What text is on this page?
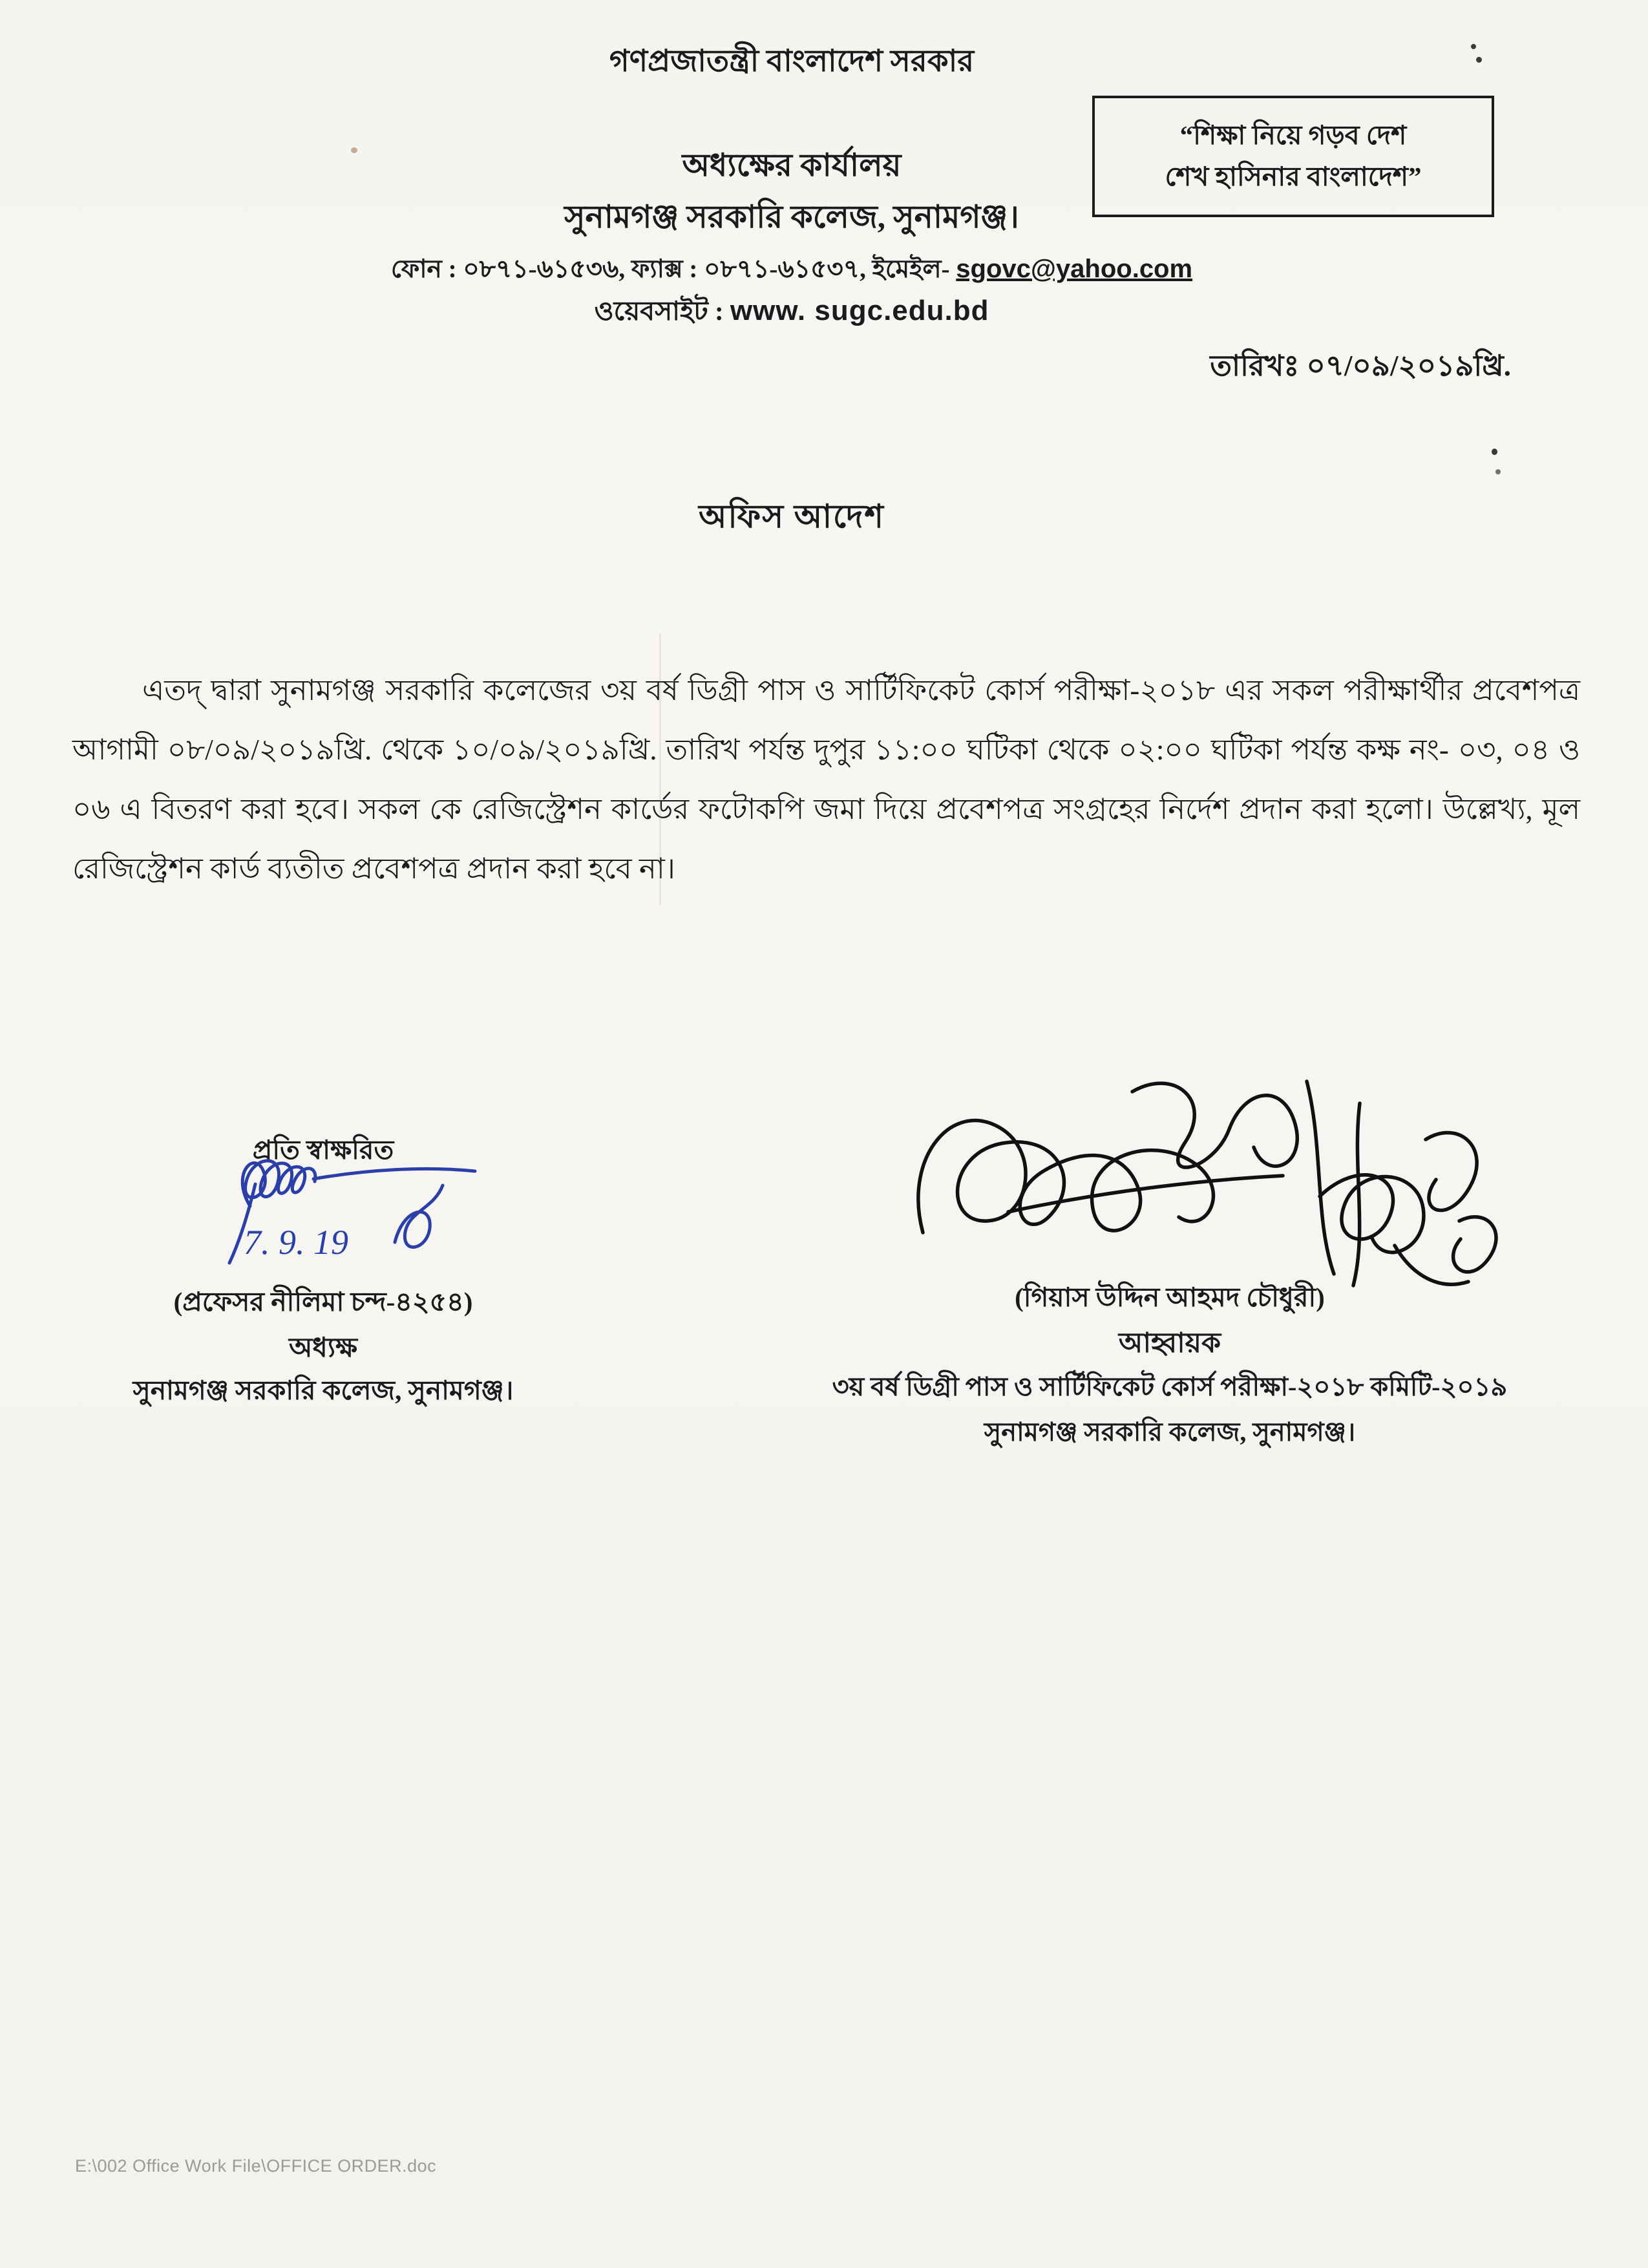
গণপ্রজাতন্ত্রী বাংলাদেশ সরকার
অধ্যক্ষের কার্যালয়
সুনামগঞ্জ সরকারি কলেজ, সুনামগঞ্জ।
ফোন : ০৮৭১-৬১৫৩৬, ফ্যাক্স : ০৮৭১-৬১৫৩৭, ইমেইল- sgovc@yahoo.com
ওয়েবসাইট : www. sugc.edu.bd
“শিক্ষা নিয়ে গড়ব দেশ
শেখ হাসিনার বাংলাদেশ”
তারিখঃ ০৭/০৯/২০১৯খ্রি.
অফিস আদেশ
এতদ্ দ্বারা সুনামগঞ্জ সরকারি কলেজের ৩য় বর্ষ ডিগ্রী পাস ও সার্টিফিকেট কোর্স পরীক্ষা-২০১৮ এর সকল পরীক্ষার্থীর প্রবেশপত্র আগামী ০৮/০৯/২০১৯খ্রি. থেকে ১০/০৯/২০১৯খ্রি. তারিখ পর্যন্ত দুপুর ১১:০০ ঘটিকা থেকে ০২:০০ ঘটিকা পর্যন্ত কক্ষ নং- ০৩, ০৪ ও ০৬ এ বিতরণ করা হবে। সকল কে রেজিস্ট্রেশন কার্ডের ফটোকপি জমা দিয়ে প্রবেশপত্র সংগ্রহের নির্দেশ প্রদান করা হলো। উল্লেখ্য, মূল রেজিস্ট্রেশন কার্ড ব্যতীত প্রবেশপত্র প্রদান করা হবে না।
প্রতি স্বাক্ষরিত
7. 9. 19
(প্রফেসর নীলিমা চন্দ-৪২৫৪)
অধ্যক্ষ
সুনামগঞ্জ সরকারি কলেজ, সুনামগঞ্জ।
(গিয়াস উদ্দিন আহমদ চৌধুরী)
আহ্বায়ক
৩য় বর্ষ ডিগ্রী পাস ও সার্টিফিকেট কোর্স পরীক্ষা-২০১৮ কমিটি-২০১৯
সুনামগঞ্জ সরকারি কলেজ, সুনামগঞ্জ।
E:\002 Office Work File\OFFICE ORDER.doc
